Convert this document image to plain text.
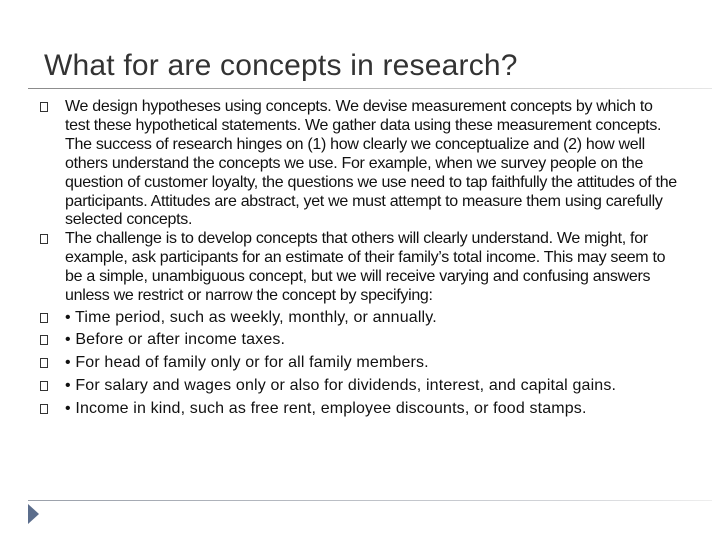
What for are concepts in research?
We design hypotheses using concepts. We devise measurement concepts by which to test these hypothetical statements. We gather data using these measurement concepts. The success of research hinges on (1) how clearly we conceptualize and (2) how well others understand the concepts we use. For example, when we survey people on the question of customer loyalty, the questions we use need to tap faithfully the attitudes of the participants. Attitudes are abstract, yet we must attempt to measure them using carefully selected concepts.
The challenge is to develop concepts that others will clearly understand. We might, for example, ask participants for an estimate of their family’s total income. This may seem to be a simple, unambiguous concept, but we will receive varying and confusing answers unless we restrict or narrow the concept by specifying:
• Time period, such as weekly, monthly, or annually.
• Before or after income taxes.
• For head of family only or for all family members.
• For salary and wages only or also for dividends, interest, and capital gains.
• Income in kind, such as free rent, employee discounts, or food stamps.
